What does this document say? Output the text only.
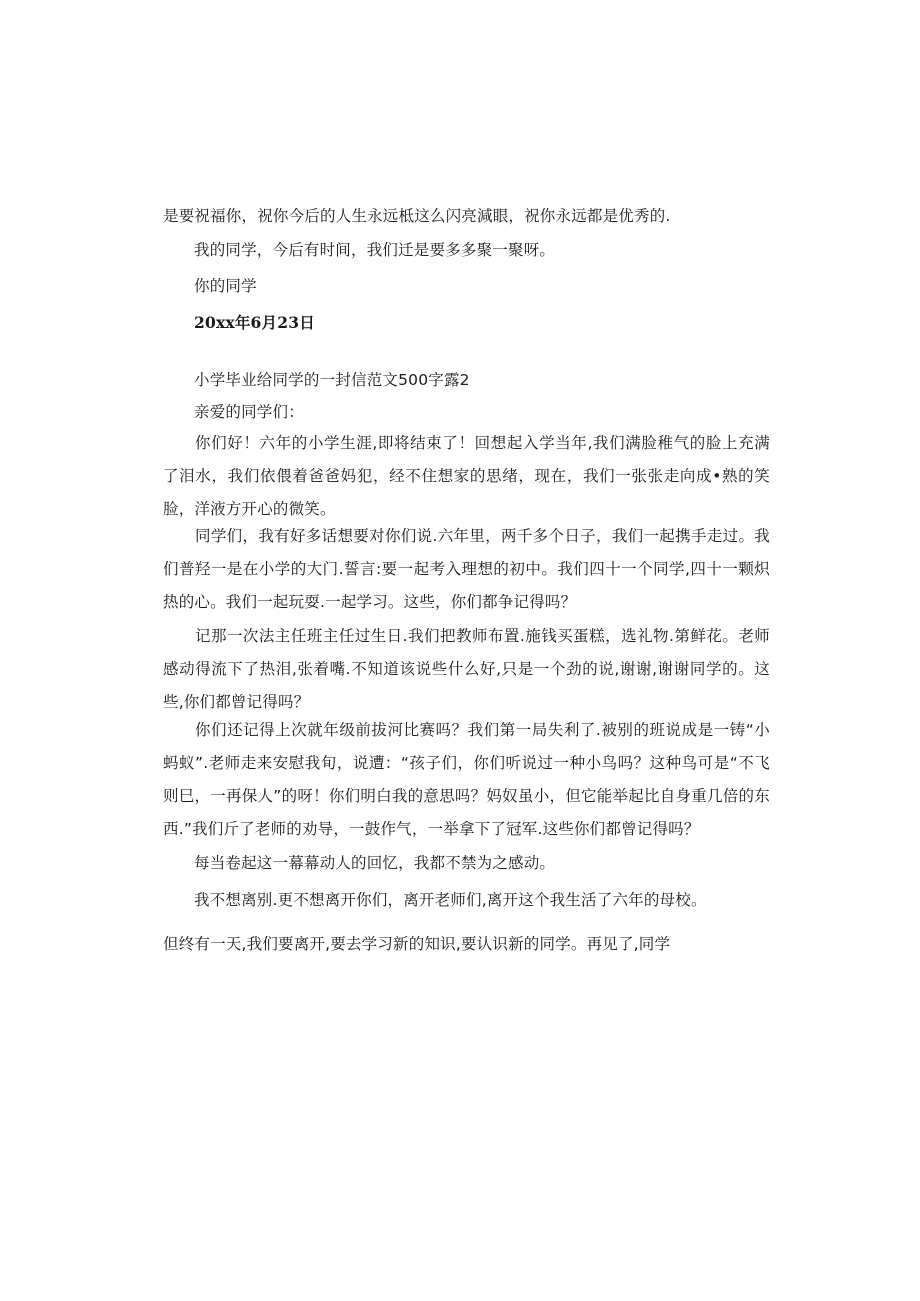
是要祝福你，祝你今后的人生永远柢这么闪亮減眼，祝你永远都是优秀的.
我的同学，今后有时间，我们迁是要多多聚一聚呀。
你的同学
20xx年6月23日
小学毕业给同学的一封信范文500字露2
亲爱的同学们：

你们好！六年的小学生涯,即将结束了！回想起入学当年,我们满脸稚气的脸上充满了泪水，我们依偎着爸爸妈犯，经不住想家的思绪，现在，我们一张张走向成•熟的笑脸，洋液方开心的微笑。

同学们，我有好多话想要对你们说.六年里，两千多个日子，我们一起携手走过。我们普羟一是在小学的大门.誓言:要一起考入理想的初中。我们四十一个同学,四十一颗炽热的心。我们一起玩耍.一起学习。这些，你们都争记得吗？

记那一次法主任班主任过生日.我们把教师布置.施钱买蛋糕，选礼物.第鲜花。老师感动得流下了热泪,张着嘴.不知道该说些什么好,只是一个劲的说,谢谢,谢谢同学的。这些,你们都曾记得吗？

你们还记得上次就年级前拔河比赛吗？我们第一局失利了.被别的班说成是一铸“小蚂蚁”.老师走来安慰我旬，说遭：“孩子们，你们听说过一种小鸟吗？这种鸟可是“不飞则巳，一再保人”的呀！你们明白我的意思吗？妈奴虽小，但它能举起比自身重几倍的东西.”我们斤了老师的劝导，一鼓作气，一举拿下了冠军.这些你们都曾记得吗？

每当卷起这一幕幕动人的回忆，我都不禁为之感动。
我不想离别.更不想离开你们，离开老师们,离开这个我生活了六年的母校。
但终有一天,我们要离开,要去学习新的知识,要认识新的同学。再见了,同学
